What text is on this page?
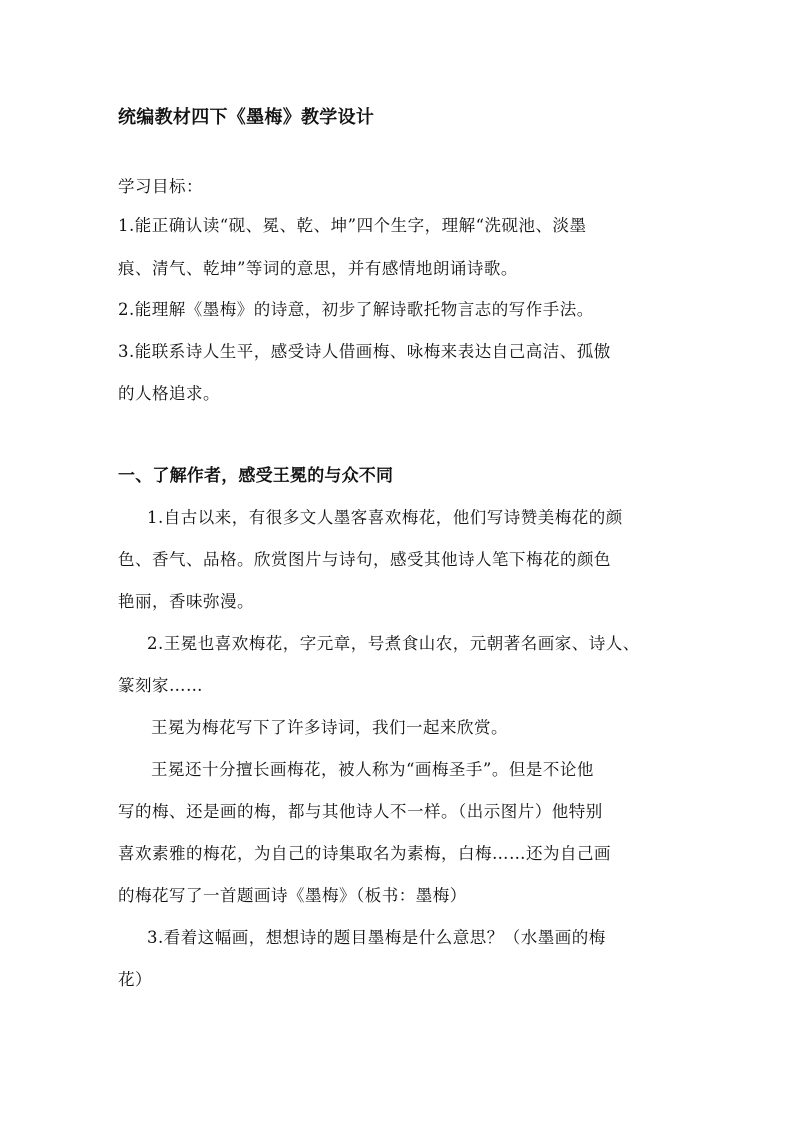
统编教材四下《墨梅》教学设计
学习目标：
1.能正确认读“砚、冕、乾、坤”四个生字，理解“洗砚池、淡墨
痕、清气、乾坤”等词的意思，并有感情地朗诵诗歌。
2.能理解《墨梅》的诗意，初步了解诗歌托物言志的写作手法。
3.能联系诗人生平，感受诗人借画梅、咏梅来表达自己高洁、孤傲
的人格追求。
一、了解作者，感受王冕的与众不同
1.自古以来，有很多文人墨客喜欢梅花，他们写诗赞美梅花的颜
色、香气、品格。欣赏图片与诗句，感受其他诗人笔下梅花的颜色
艳丽，香味弥漫。
2.王冕也喜欢梅花，字元章，号煮食山农，元朝著名画家、诗人、
篆刻家……
王冕为梅花写下了许多诗词，我们一起来欣赏。
王冕还十分擅长画梅花，被人称为“画梅圣手”。但是不论他
写的梅、还是画的梅，都与其他诗人不一样。（出示图片）他特别
喜欢素雅的梅花，为自己的诗集取名为素梅，白梅……还为自己画
的梅花写了一首题画诗《墨梅》（板书：墨梅）
3.看着这幅画，想想诗的题目墨梅是什么意思？（水墨画的梅
花）
